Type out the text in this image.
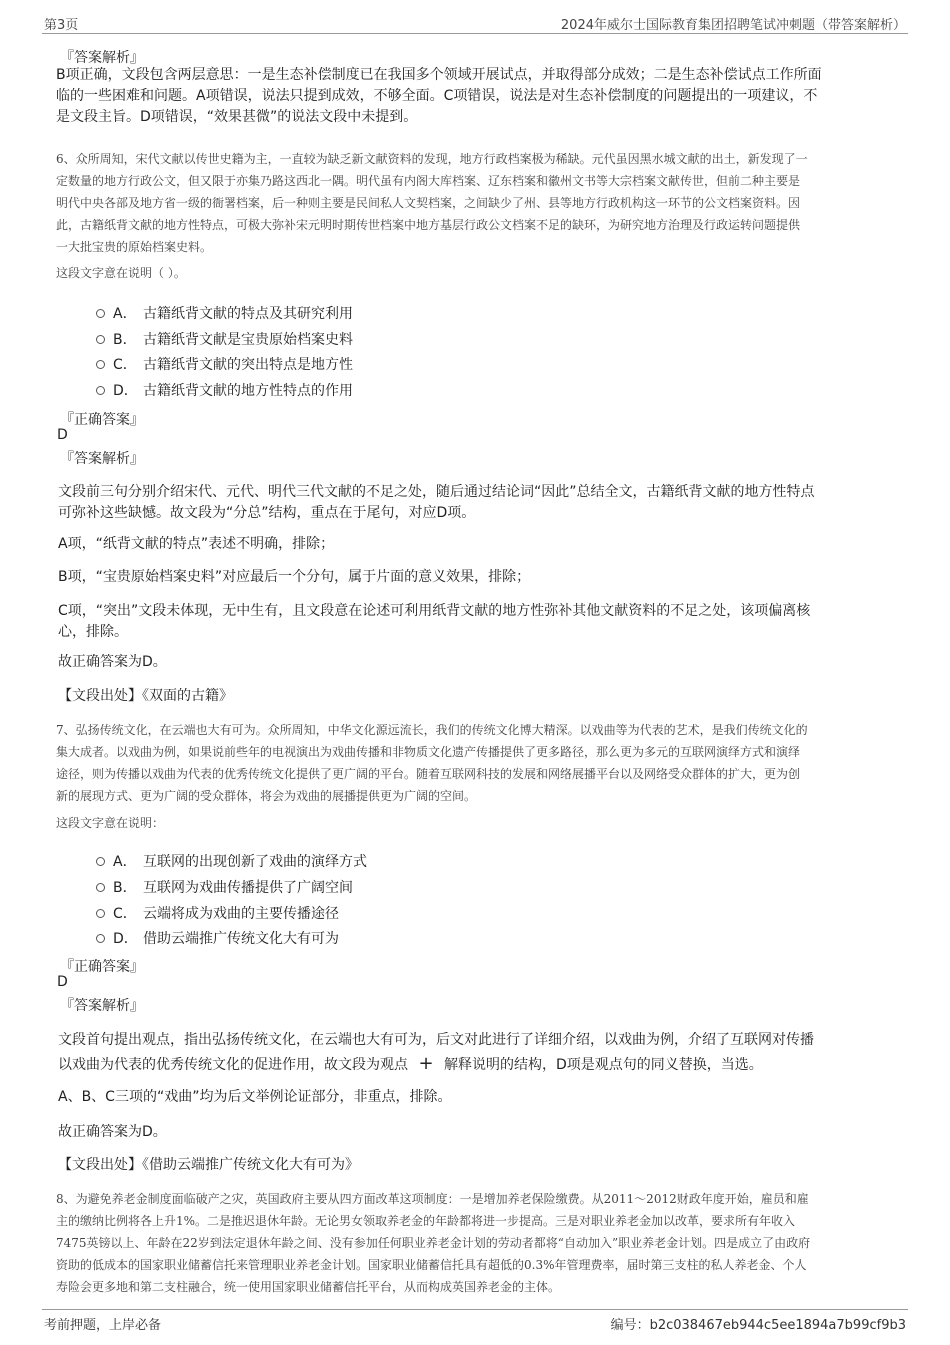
第3页	2024年威尔士国际教育集团招聘笔试冲刺题（带答案解析）
『答案解析』
B项正确，文段包含两层意思：一是生态补偿制度已在我国多个领域开展试点，并取得部分成效；二是生态补偿试点工作所面
临的一些困难和问题。A项错误，说法只提到成效，不够全面。C项错误，说法是对生态补偿制度的问题提出的一项建议，不
是文段主旨。D项错误，“效果甚微”的说法文段中未提到。
6、众所周知，宋代文献以传世史籍为主，一直较为缺乏新文献资料的发现，地方行政档案极为稀缺。元代虽因黑水城文献的出土，新发现了一
定数量的地方行政公文，但又限于亦集乃路这西北一隅。明代虽有内阁大库档案、辽东档案和徽州文书等大宗档案文献传世，但前二种主要是
明代中央各部及地方省一级的衙署档案，后一种则主要是民间私人文契档案，之间缺少了州、县等地方行政机构这一环节的公文档案资料。因
此，古籍纸背文献的地方性特点，可极大弥补宋元明时期传世档案中地方基层行政公文档案不足的缺环，为研究地方治理及行政运转问题提供
一大批宝贵的原始档案史料。
这段文字意在说明（ ）。
A． 古籍纸背文献的特点及其研究利用
B． 古籍纸背文献是宝贵原始档案史料
C． 古籍纸背文献的突出特点是地方性
D． 古籍纸背文献的地方性特点的作用
『正确答案』
D
『答案解析』
文段前三句分别介绍宋代、元代、明代三代文献的不足之处，随后通过结论词“因此”总结全文，古籍纸背文献的地方性特点
可弥补这些缺憾。故文段为“分总”结构，重点在于尾句，对应D项。
A项，“纸背文献的特点”表述不明确，排除；
B项，“宝贵原始档案史料”对应最后一个分句，属于片面的意义效果，排除；
C项，“突出”文段未体现，无中生有，且文段意在论述可利用纸背文献的地方性弥补其他文献资料的不足之处，该项偏离核
心，排除。
故正确答案为D。
【文段出处】《双面的古籍》
7、弘扬传统文化，在云端也大有可为。众所周知，中华文化源远流长，我们的传统文化博大精深。以戏曲等为代表的艺术，是我们传统文化的
集大成者。以戏曲为例，如果说前些年的电视演出为戏曲传播和非物质文化遗产传播提供了更多路径，那么更为多元的互联网演绎方式和演绎
途径，则为传播以戏曲为代表的优秀传统文化提供了更广阔的平台。随着互联网科技的发展和网络展播平台以及网络受众群体的扩大，更为创
新的展现方式、更为广阔的受众群体，将会为戏曲的展播提供更为广阔的空间。
这段文字意在说明：
A． 互联网的出现创新了戏曲的演绎方式
B． 互联网为戏曲传播提供了广阔空间
C． 云端将成为戏曲的主要传播途径
D． 借助云端推广传统文化大有可为
『正确答案』
D
『答案解析』
文段首句提出观点，指出弘扬传统文化，在云端也大有可为，后文对此进行了详细介绍，以戏曲为例，介绍了互联网对传播
以戏曲为代表的优秀传统文化的促进作用，故文段为观点 + 解释说明的结构，D项是观点句的同义替换，当选。
A、B、C三项的“戏曲”均为后文举例论证部分，非重点，排除。
故正确答案为D。
【文段出处】《借助云端推广传统文化大有可为》
8、为避免养老金制度面临破产之灾，英国政府主要从四方面改革这项制度：一是增加养老保险缴费。从2011～2012财政年度开始，雇员和雇
主的缴纳比例将各上升1%。二是推迟退休年龄。无论男女领取养老金的年龄都将进一步提高。三是对职业养老金加以改革，要求所有年收入
7475英镑以上、年龄在22岁到法定退休年龄之间、没有参加任何职业养老金计划的劳动者都将“自动加入”职业养老金计划。四是成立了由政府
资助的低成本的国家职业储蓄信托来管理职业养老金计划。国家职业储蓄信托具有超低的0.3%年管理费率，届时第三支柱的私人养老金、个人
寿险会更多地和第二支柱融合，统一使用国家职业储蓄信托平台，从而构成英国养老金的主体。
考前押题，上岸必备	编号：b2c038467eb944c5ee1894a7b99cf9b3
